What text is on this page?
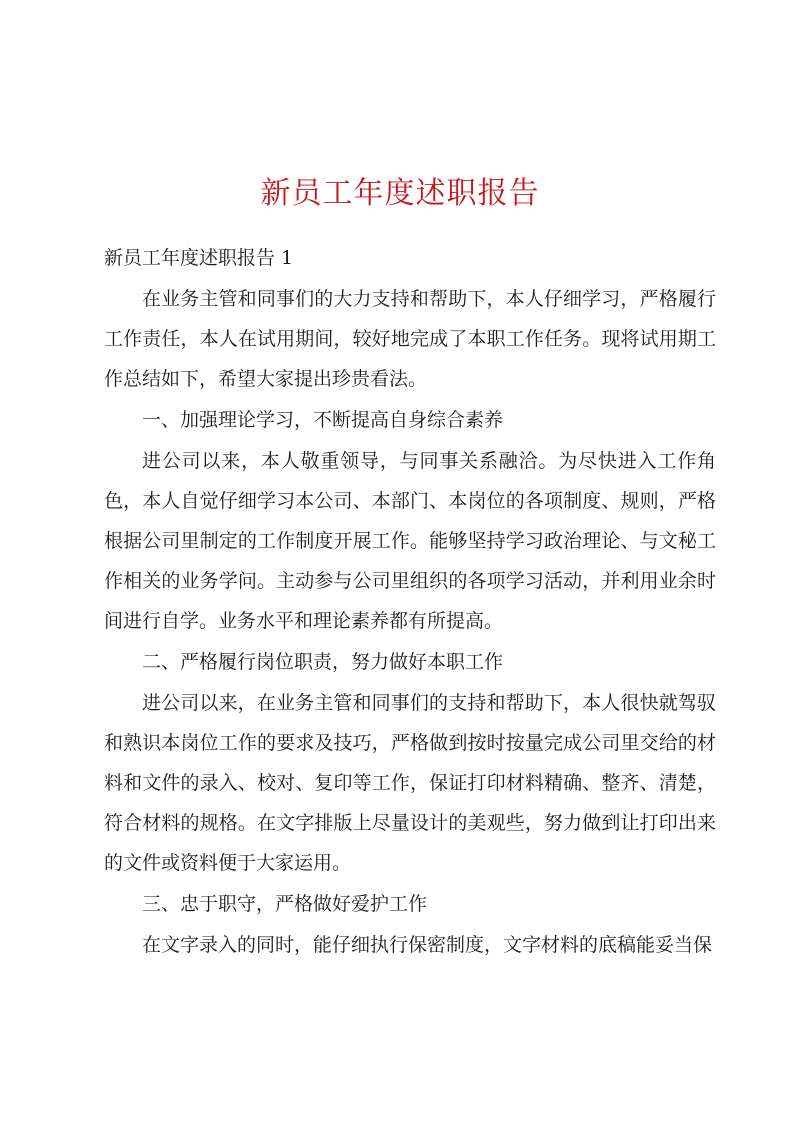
新员工年度述职报告

新员工年度述职报告 1

在业务主管和同事们的大力支持和帮助下，本人仔细学习，严格履行工作责任，本人在试用期间，较好地完成了本职工作任务。现将试用期工作总结如下，希望大家提出珍贵看法。

一、加强理论学习，不断提高自身综合素养

进公司以来，本人敬重领导，与同事关系融洽。为尽快进入工作角色，本人自觉仔细学习本公司、本部门、本岗位的各项制度、规则，严格根据公司里制定的工作制度开展工作。能够坚持学习政治理论、与文秘工作相关的业务学问。主动参与公司里组织的各项学习活动，并利用业余时间进行自学。业务水平和理论素养都有所提高。

二、严格履行岗位职责，努力做好本职工作

进公司以来，在业务主管和同事们的支持和帮助下，本人很快就驾驭和熟识本岗位工作的要求及技巧，严格做到按时按量完成公司里交给的材料和文件的录入、校对、复印等工作，保证打印材料精确、整齐、清楚，符合材料的规格。在文字排版上尽量设计的美观些，努力做到让打印出来的文件或资料便于大家运用。

三、忠于职守，严格做好爱护工作

在文字录入的同时，能仔细执行保密制度，文字材料的底稿能妥当保
